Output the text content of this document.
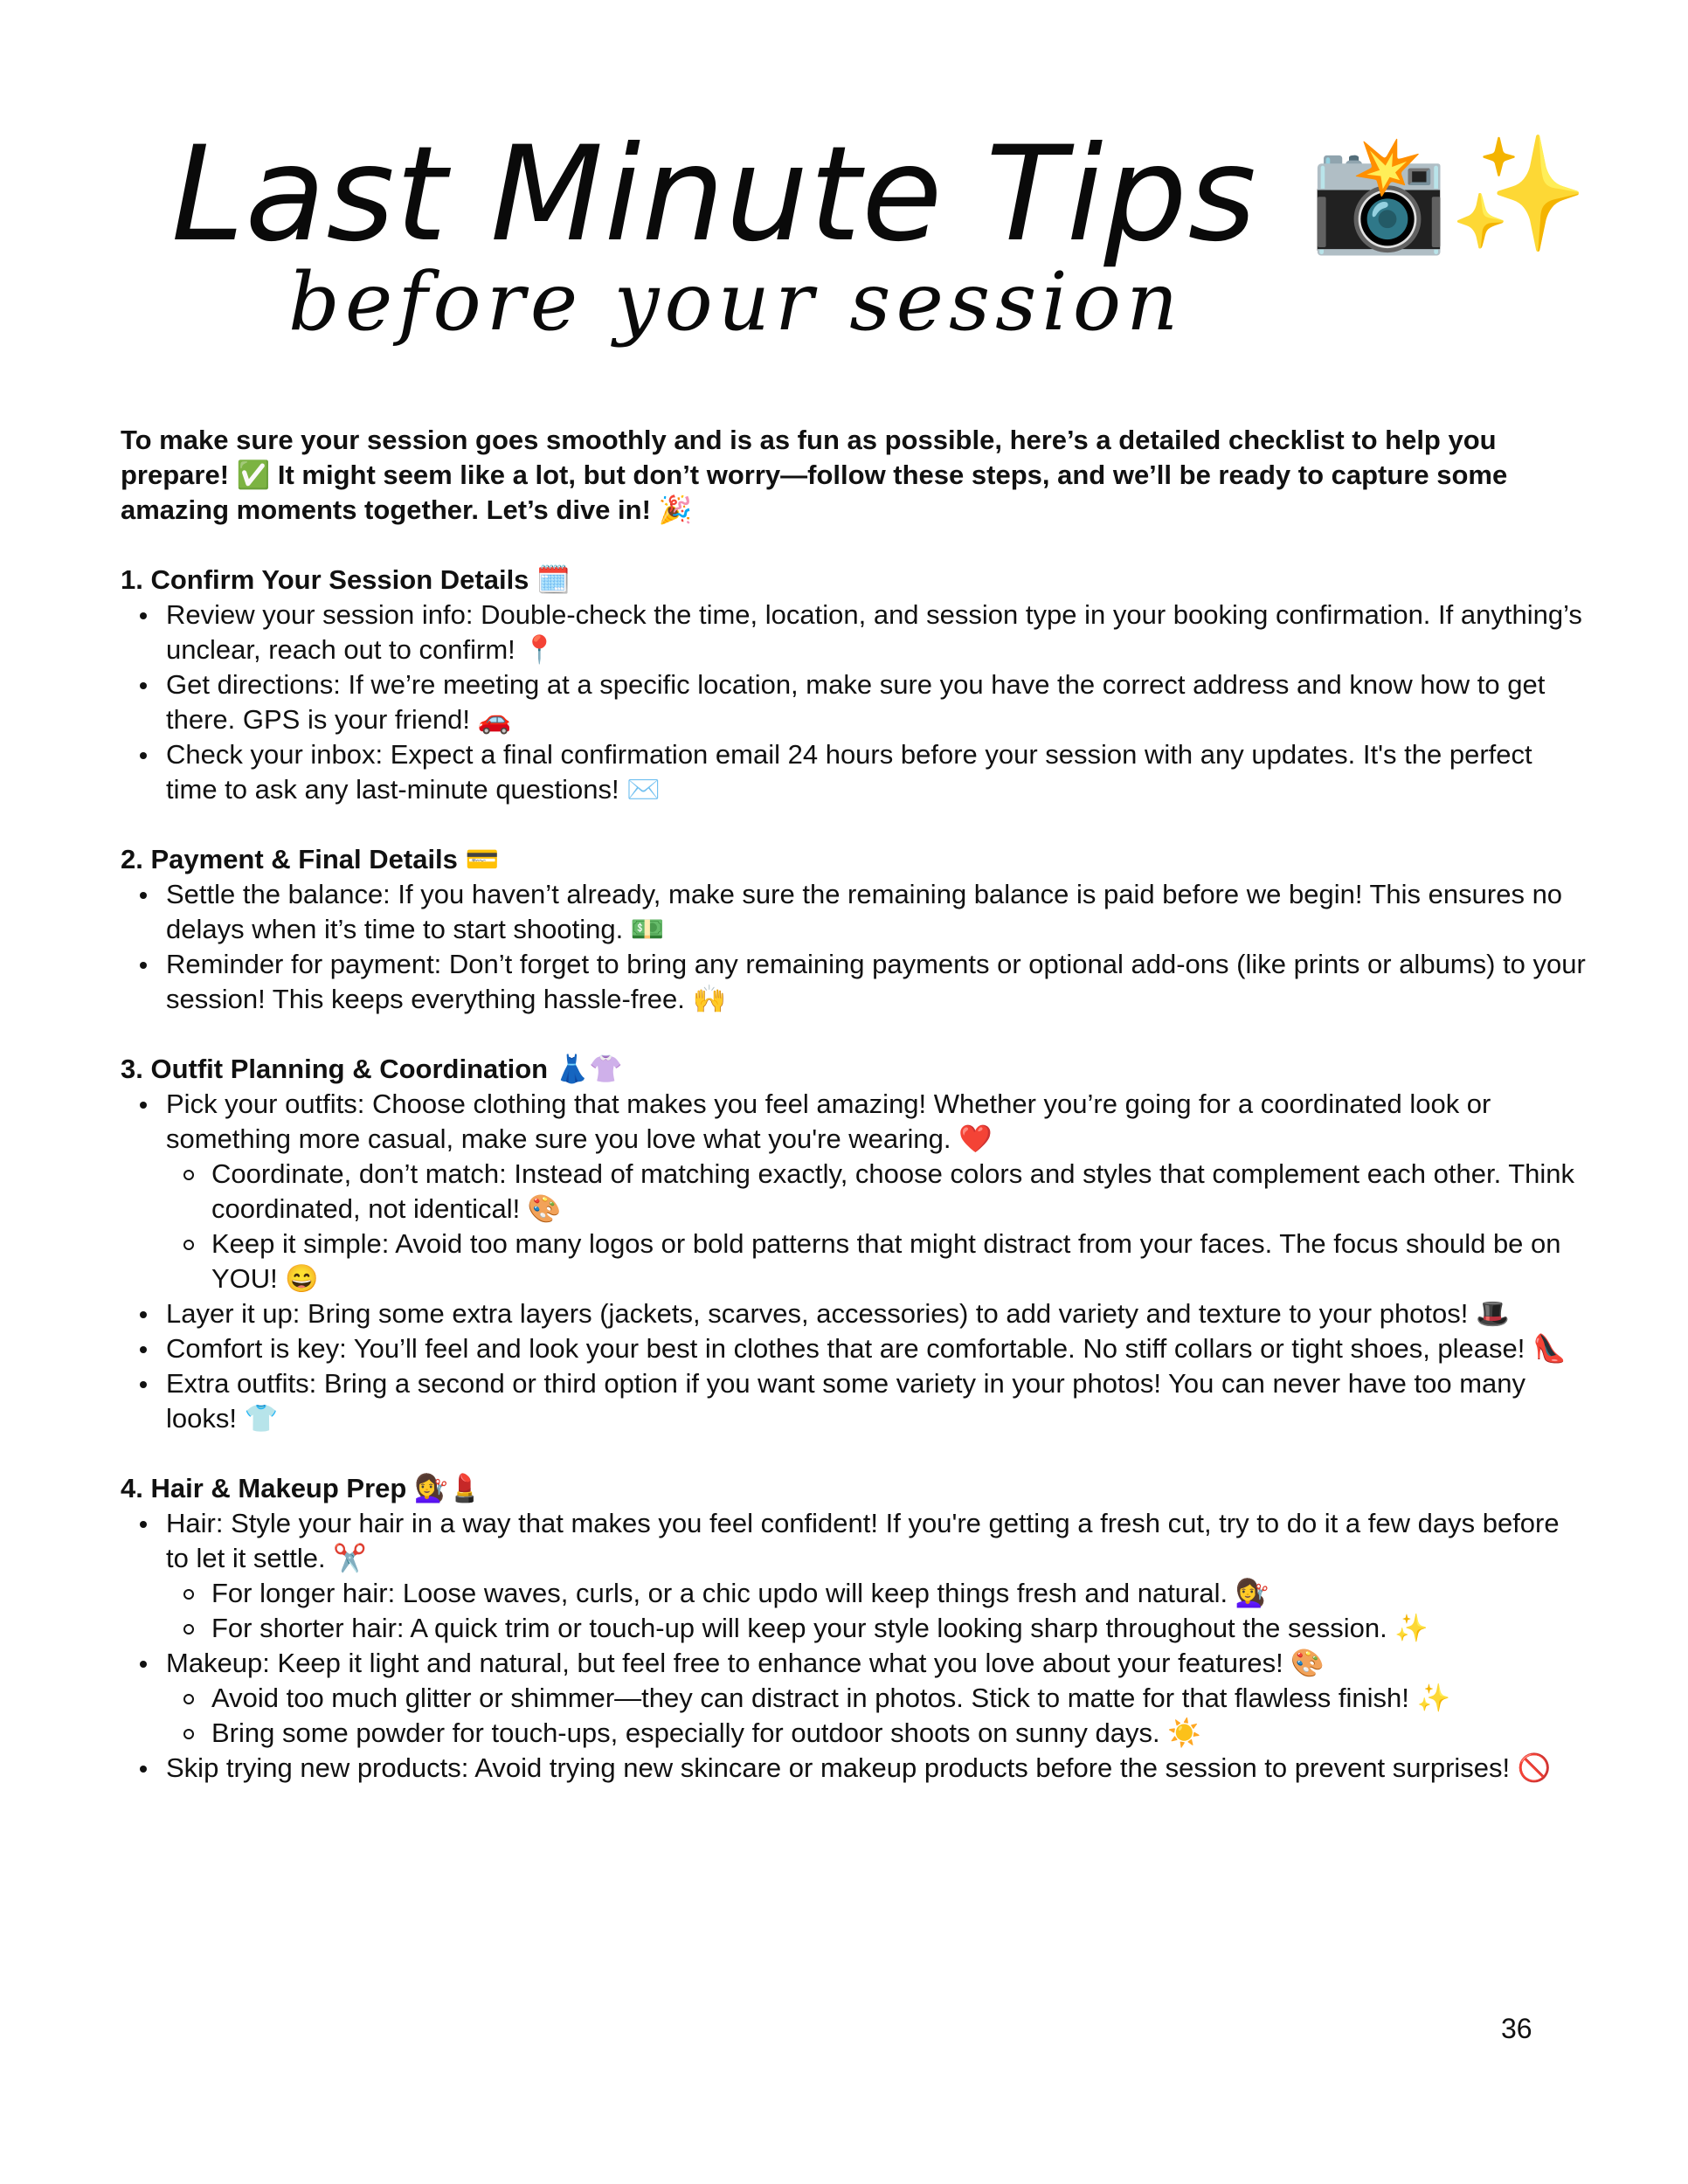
Last Minute Tips 📸 ✨
before your session

To make sure your session goes smoothly and is as fun as possible, here’s a detailed checklist to help you prepare! ✅ It might seem like a lot, but don’t worry—follow these steps, and we’ll be ready to capture some amazing moments together. Let’s dive in! 🎉

1. Confirm Your Session Details 🗓️

Review your session info: Double-check the time, location, and session type in your booking confirmation. If anything’s unclear, reach out to confirm! 📍
Get directions: If we’re meeting at a specific location, make sure you have the correct address and know how to get there. GPS is your friend! 🚗
Check your inbox: Expect a final confirmation email 24 hours before your session with any updates. It's the perfect time to ask any last-minute questions! ✉️

2. Payment & Final Details 💳

Settle the balance: If you haven’t already, make sure the remaining balance is paid before we begin! This ensures no delays when it’s time to start shooting. 💵
Reminder for payment: Don’t forget to bring any remaining payments or optional add-ons (like prints or albums) to your session! This keeps everything hassle-free. 🙌

3. Outfit Planning & Coordination 👗👚

Pick your outfits: Choose clothing that makes you feel amazing! Whether you’re going for a coordinated look or something more casual, make sure you love what you're wearing. ❤️
Coordinate, don’t match: Instead of matching exactly, choose colors and styles that complement each other. Think coordinated, not identical! 🎨
Keep it simple: Avoid too many logos or bold patterns that might distract from your faces. The focus should be on YOU! 😄
Layer it up: Bring some extra layers (jackets, scarves, accessories) to add variety and texture to your photos! 🎩
Comfort is key: You’ll feel and look your best in clothes that are comfortable. No stiff collars or tight shoes, please! 👠
Extra outfits: Bring a second or third option if you want some variety in your photos! You can never have too many looks! 👕

4. Hair & Makeup Prep 💇‍♀️💄

Hair: Style your hair in a way that makes you feel confident! If you're getting a fresh cut, try to do it a few days before to let it settle. ✂️
For longer hair: Loose waves, curls, or a chic updo will keep things fresh and natural. 💇‍♀️
For shorter hair: A quick trim or touch-up will keep your style looking sharp throughout the session. ✨
Makeup: Keep it light and natural, but feel free to enhance what you love about your features! 🎨
Avoid too much glitter or shimmer—they can distract in photos. Stick to matte for that flawless finish! ✨
Bring some powder for touch-ups, especially for outdoor shoots on sunny days. ☀️
Skip trying new products: Avoid trying new skincare or makeup products before the session to prevent surprises! 🚫
36
